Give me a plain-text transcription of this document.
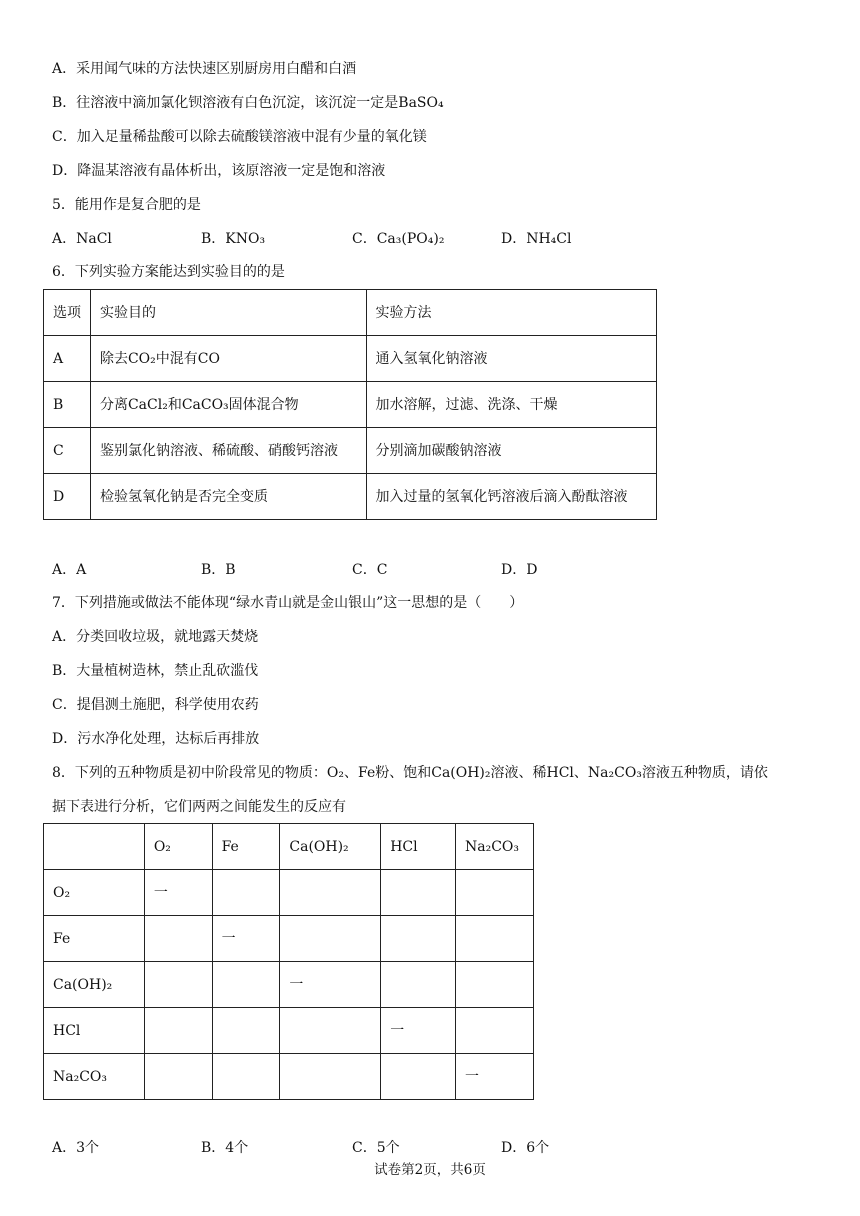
A．采用闻气味的方法快速区别厨房用白醋和白酒
B．往溶液中滴加氯化钡溶液有白色沉淀，该沉淀一定是BaSO₄
C．加入足量稀盐酸可以除去硫酸镁溶液中混有少量的氧化镁
D．降温某溶液有晶体析出，该原溶液一定是饱和溶液
5．能用作是复合肥的是
A．NaCl	B．KNO₃	C．Ca₃(PO₄)₂	D．NH₄Cl
6．下列实验方案能达到实验目的的是
选项	实验目的	实验方法
A	除去CO₂中混有CO	通入氢氧化钠溶液
B	分离CaCl₂和CaCO₃固体混合物	加水溶解，过滤、洗涤、干燥
C	鉴别氯化钠溶液、稀硫酸、硝酸钙溶液	分别滴加碳酸钠溶液
D	检验氢氧化钠是否完全变质	加入过量的氢氧化钙溶液后滴入酚酞溶液
A．A	B．B	C．C	D．D
7．下列措施或做法不能体现“绿水青山就是金山银山”这一思想的是（　　）
A．分类回收垃圾，就地露天焚烧
B．大量植树造林，禁止乱砍滥伐
C．提倡测土施肥，科学使用农药
D．污水净化处理，达标后再排放
8．下列的五种物质是初中阶段常见的物质：O₂、Fe粉、饱和Ca(OH)₂溶液、稀HCl、Na₂CO₃溶液五种物质，请依
据下表进行分析，它们两两之间能发生的反应有
	O₂	Fe	Ca(OH)₂	HCl	Na₂CO₃
O₂	一				
Fe		一			
Ca(OH)₂			一		
HCl				一	
Na₂CO₃					一
A．3个	B．4个	C．5个	D．6个
试卷第2页，共6页
